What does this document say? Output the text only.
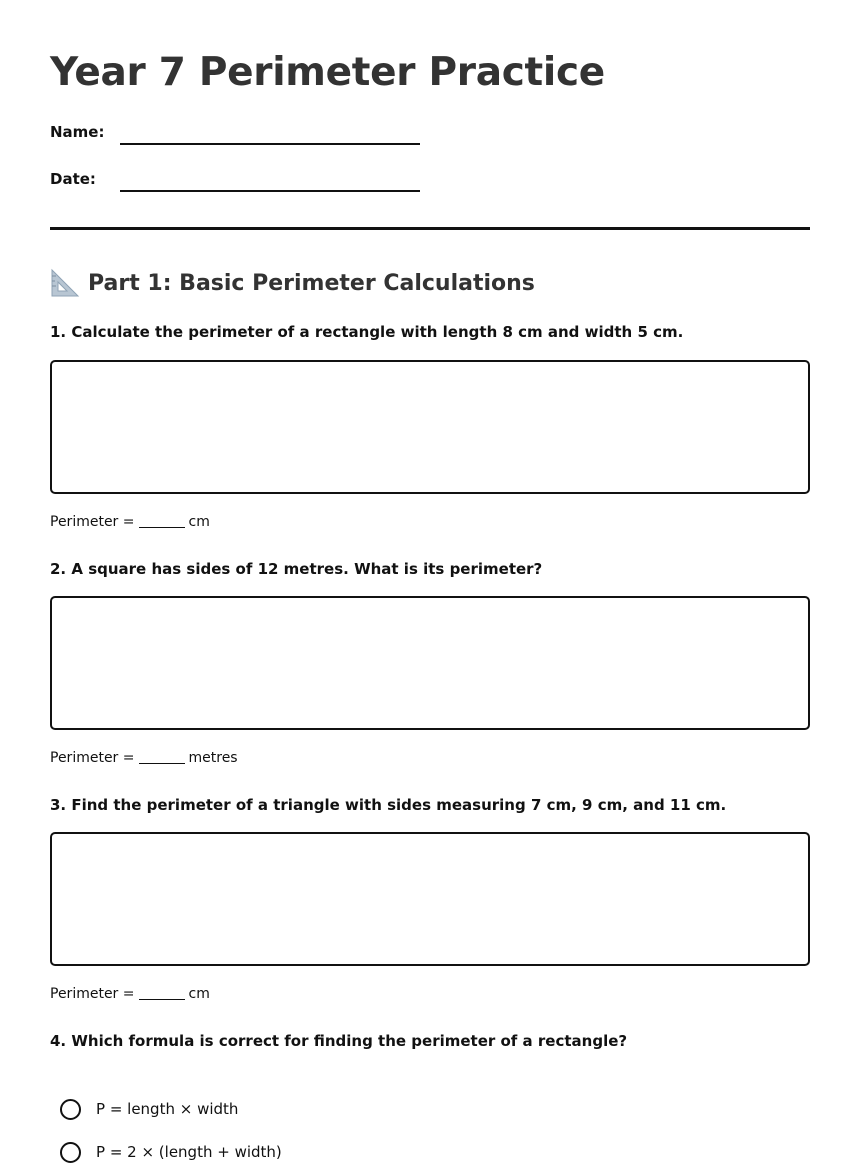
Year 7 Perimeter Practice
Name:
Date:
Part 1: Basic Perimeter Calculations
1. Calculate the perimeter of a rectangle with length 8 cm and width 5 cm.
Perimeter =	cm
2. A square has sides of 12 metres. What is its perimeter?
Perimeter =	metres
3. Find the perimeter of a triangle with sides measuring 7 cm, 9 cm, and 11 cm.
Perimeter =	cm
4. Which formula is correct for finding the perimeter of a rectangle?
P = length × width
P = 2 × (length + width)
